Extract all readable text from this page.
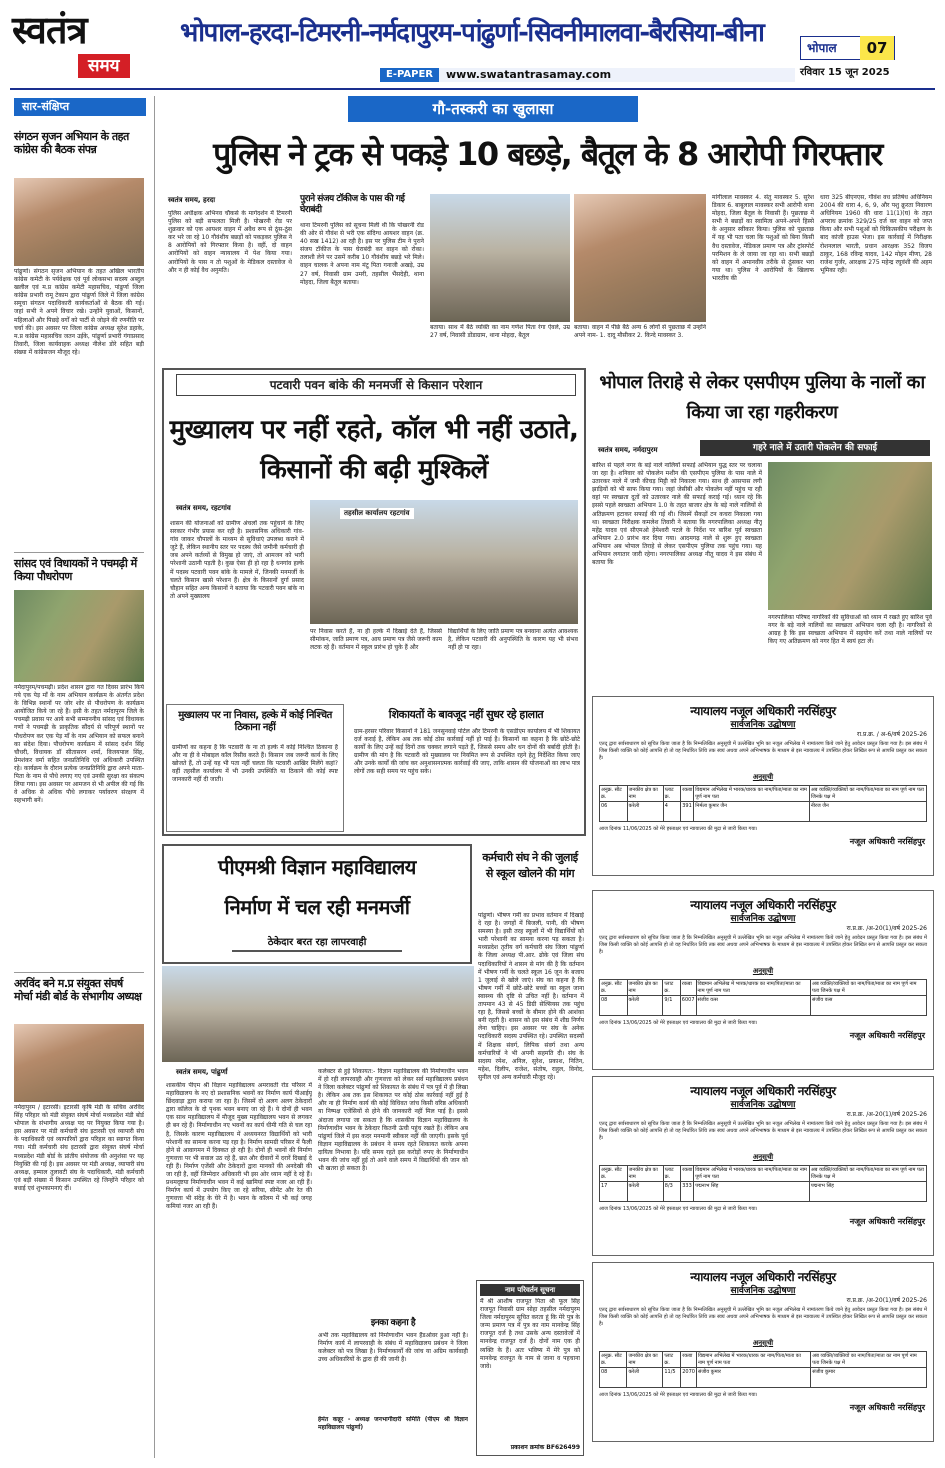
स्वतंत्र
समय
भोपाल-हरदा-टिमरनी-नर्मदापुरम-पांढुर्णा-सिवनीमालवा-बैरसिया-बीना
E-PAPER	www.swatantrasamay.com
भोपाल	07
रविवार 15 जून 2025
सार-संक्षिप्त
संगठन सृजन अभियान के तहत कांग्रेस की बैठक संपन्न
पांढुर्णा। संगठन सृजन अभियान के तहत अखिल भारतीय कांग्रेस कमेटी के पर्यवेक्षक एवं पूर्व लोकसभा सदस्य अब्दुल खलील एवं म.प्र कांग्रेस कमेटी महासचिव, पांढुर्णा जिला कांग्रेस प्रभारी रामू टेकाम द्वारा पांढुर्णा जिले में जिला कांग्रेस समूचा संगठन पदाधिकारी कार्यकर्ताओं से बैठक की गई। जहां सभी ने अपने विचार रखे। उन्होंने युवाओं, किसानों, महिलाओं और पिछड़े वर्गों को पार्टी से जोड़ने की रणनीति पर चर्चा की। इस अवसर पर जिला कांग्रेस अध्यक्ष सुरेश डहाके, म.प्र कांग्रेस महासचिव जतन उईके, पांढुर्णा प्रभारी गंगाप्रसाद तिवारी, जिला कार्यवाहक अध्यक्ष नीलेश डोरे सहित बड़ी संख्या में कांग्रेसजन मौजूद रहे।
सांसद एवं विधायकों ने पचमढ़ी में किया पौधरोपण
नर्मदापुरम/पचमढ़ी। प्रदेश शासन द्वारा गत दिवस प्रारंभ किये गये एक पेड़ माँ के नाम अभियान कार्यक्रम के अंतर्गत प्रदेश के विभिन्न स्थानों पर जोर शोर से पौधरोपण के कार्यक्रम आयोजित किये जा रहे हैं। इसी के तहत नर्मदापुरम जिले के पचमढ़ी प्रवास पर आये सभी सम्माननीय सांसद एवं विधायक गणों ने पचमढ़ी के प्राकृतिक सौंदर्य से परिपूर्ण स्थानों पर पौधरोपण कर एक पेड़ माँ के नाम अभियान को सफल बनाने का संदेश दिया। पौधरोपण कार्यक्रम में सांसद दर्शन सिंह चौधरी, विधायक डॉ सीतासरन शर्मा, विजयपाल सिंह, प्रेमशंकर वर्मा सहित जनप्रतिनिधि एवं अधिकारी उपस्थित रहे। कार्यक्रम के दौरान प्रत्येक जनप्रतिनिधि द्वारा अपने माता-पिता के नाम से पौधे लगाए गए एवं उनकी सुरक्षा का संकल्प लिया गया। इस अवसर पर आमजन से भी अपील की गई कि वे अधिक से अधिक पौधे लगाकर पर्यावरण संरक्षण में सहभागी बनें।
अरविंद बने म.प्र संयुक्त संघर्ष मोर्चा मंडी बोर्ड के संभागीय अध्यक्ष
नर्मदापुरम / इटारसी। इटारसी कृषि मंडी के सचिव अरविंद सिंह परिहार को मंडी संयुक्त संघर्ष मोर्चा मध्यप्रदेश मंडी बोर्ड भोपाल के संभागीय अध्यक्ष पद पर नियुक्त किया गया है। इस अवसर पर मंडी कर्मचारी संघ इटारसी एवं व्यापारी संघ के पदाधिकारी एवं व्यापारियों द्वारा परिहार का स्वागत किया गया। मंडी कर्मचारी संघ इटारसी द्वारा संयुक्त संघर्ष मोर्चा मध्यप्रदेश मंडी बोर्ड के प्रांतीय संयोजक की अनुशंसा पर यह नियुक्ति की गई है। इस अवसर पर मंडी अध्यक्ष, व्यापारी संघ अध्यक्ष, हम्माल तुलावटी संघ के पदाधिकारी, मंडी कर्मचारी एवं बड़ी संख्या में किसान उपस्थित रहे जिन्होंने परिहार को बधाई एवं शुभकामनाएं दीं।
गौ-तस्करी का खुलासा
पुलिस ने ट्रक से पकड़े 10 बछड़े, बैतूल के 8 आरोपी गिरफ्तार
स्वतंत्र समय, हरदा
पुलिस अधीक्षक अभिनव चौकसे के मार्गदर्शन में टिमरनी पुलिस को बड़ी सफलता मिली है। पोखरनी रोड पर शुक्रवार को एक आयशर वाहन में अवैध रूप से ठूंस-ठूंस कर भरे जा रहे 10 गौवंशीय बछड़ों को पकड़कर पुलिस ने 8 आरोपियों को गिरफ्तार किया है। वहीं, दो वाहन आरोपियों को वाहन न्यायालय में पेश किया गया। आरोपियों के पास न तो पशुओं के मेडिकल दस्तावेज थे और न ही कोई वैध अनुमति।
पुराने संजय टॉकीज के पास की गई घेराबंदी
थाना टिमरनी पुलिस को सूचना मिली थी कि पोखरनी रोड की ओर से गौवंश से भरी एक संदिग्ध आयशर वाहन (क्र. 40 सख 1412) आ रही है। इस पर पुलिस टीम ने पुराने संजय टॉकीज के पास घेराबंदी कर वाहन को रोका। तलाशी लेने पर उसमें करीब 10 गौवंशीय बछड़े भरे मिले। वाहन चालक ने अपना नाम मंटू पिता गनाजी अखड़े, उम्र 27 वर्ष, निवासी ग्राम उमरी, तहसील भैंसदेही, थाना मोहदा, जिला बैतूल बताया।
बताया। साथ में बैठे व्यक्ति का नाम गणेश पिता रंगा ऐवले, उम्र 27 वर्ष, निवासी डोंडाग्राम, थाना मोहदा, बैतूल
बताया। वाहन में पीछे बैठे अन्य 6 लोगों से पूछताछ में उन्होंने अपने नाम- 1. दादू मौसीकर 2. किन्दे मावस्कर 3.
मांगीलाल मावस्कर 4. संतु मावस्कर 5. सुरेश डिकार 6. बाबूलाल मावस्कर सभी आरोपी थाना मोहदा, जिला बैतूल के निवासी हैं। पूछताछ में सभी ने बछड़ों का स्वामित्व अपने-अपने हिस्से के अनुसार स्वीकार किया। पुलिस को पूछताछ में यह भी पता चला कि पशुओं को बिना किसी वैध दस्तावेज, मेडिकल प्रमाण पत्र और ट्रांसपोर्ट परमिशन के ले जाया जा रहा था। सभी बछड़ों को वाहन में अमानवीय तरीके से ठूंसकर भरा गया था। पुलिस ने आरोपियों के खिलाफ भारतीय की
धारा 325 बीएनएस, गौवंश वध प्रतिषेध अधिनियम 2004 की धारा 4, 6, 9, और पशु क्रूरता निवारण अधिनियम 1960 की धारा 11(1)(घ) के तहत अपराध क्रमांक 329/25 दर्ज कर वाहन को जप्त किया और सभी पशुओं को चिकित्सकीय परीक्षण के बाद कांजी हाउस भेजा। इस कार्रवाई में निरीक्षक रोशनलाल भारती, प्रधान आरक्षक 352 विजय ठाकुर, 168 रविन्द्र यादव, 142 मोहन मीणा, 28 राजेश गुर्जर, आरक्षक 275 महेन्द्र रघुवंशी की अहम भूमिका रही।
पटवारी पवन बांके की मनमर्जी से किसान परेशान
मुख्यालय पर नहीं रहते, कॉल भी नहीं उठाते, किसानों की बढ़ी मुश्किलें
स्वतंत्र समय, रहटगांव
शासन की योजनाओं को ग्रामीण अंचलों तक पहुंचाने के लिए सरकार गंभीर प्रयास कर रही है। प्रशासनिक अधिकारी गांव-गांव जाकर चौपालों के माध्यम से सुविधाएं उपलब्ध कराने में जुटे हैं, लेकिन स्थानीय स्तर पर पदस्थ जैसे जमीनी कर्मचारी ही जब अपने कर्तव्यों से विमुख हो जाएं, तो आमजन को भारी परेशानी उठानी पड़ती है। कुछ ऐसा ही हो रहा है धनगांव हल्के में पदस्थ पटवारी पवन बांके के मामले में, जिनकी मनमर्जी के चलते किसान खासे परेशान हैं। क्षेत्र के किसानों दुर्गा प्रसाद चौहान सहित अन्य किसानों ने बताया कि पटवारी पवन बांके ना तो अपने मुख्यालय
तहसील कार्यालय रहटगांव
पर निवास करते हैं, ना ही हल्के में दिखाई देते हैं, जिससे सीमांकन, जाति प्रमाण पत्र, आय प्रमाण पत्र जैसे जरूरी काम लटक रहे हैं। वर्तमान में स्कूल प्रारंभ हो चुके हैं और
विद्यार्थियों के लिए जाति प्रमाण पत्र बनवाना अत्यंत आवश्यक है, लेकिन पटवारी की अनुपस्थिति के कारण यह भी संभव नहीं हो पा रहा।
मुख्यालय पर ना निवास, हल्के में कोई निश्चित ठिकाना नहीं
ग्रामीणों का कहना है कि पटवारी के ना तो हल्के में कोई निश्चित ठिकाना है और ना ही वे मोबाइल कॉल रिसीव करते हैं। किसान जब जरूरी कार्य के लिए खोजते हैं, तो उन्हें यह भी पता नहीं चलता कि पटवारी आखिर मिलेंगे कहां? वहीं तहसील कार्यालय में भी उनकी उपस्थिति या ठिकाने की कोई स्पष्ट जानकारी नहीं दी जाती।
शिकायतों के बावजूद नहीं सुधर रहे हालात
ग्राम-हरसर परिवार किसानों ने 181 जनसुनवाई पोर्टल और टिमरनी के एसडीएम कार्यालय में भी शिकायत दर्ज कराई है, लेकिन अब तक कोई ठोस कार्रवाई नहीं हो पाई है। किसानों का कहना है कि छोटे-छोटे कार्यों के लिए उन्हें कई दिनों तक चक्कर लगाने पड़ते हैं, जिससे समय और धन दोनों की बर्बादी होती है। ग्रामीण की मांग है कि पटवारी को मुख्यालय पर नियमित रूप से उपस्थित रहने हेतु निर्देशित किया जाए और उनके कार्यों की जांच कर अनुशासनात्मक कार्रवाई की जाए, ताकि शासन की योजनाओं का लाभ पात्र लोगों तक सही समय पर पहुंच सके।
भोपाल तिराहे से लेकर एसपीएम पुलिया के नालों का किया जा रहा गहरीकरण
गहरे नाले में उतारी पोकलेन की सफाई
स्वतंत्र समय, नर्मदापुरम
बारिश से पहले नगर के बड़े नाले नालियों सफाई अभियान युद्ध स्तर पर चलाया जा रहा है। शनिवार को पोकलेन मशीन की एसपीएम पुलिया के पास नाले में उतारकर नाले में जमी कीचड़ मिट्टी को निकाला गया। साथ ही आसपास लगी झाड़ियों को भी साफ किया गया। जहां जेसीबी और पोकलेन नहीं पहुंच पा रही वहां पर स्वच्छता दूतों को उतारकर नाले की सफाई कराई गई। ध्यान रहे कि इससे पहले स्वच्छता अभियान 1.0 के तहत बाजार क्षेत्र के बड़े नाले नालियों से अतिक्रमण हटाकर सफाई की गई थी। जिसमें सैकड़ों टन कचरा निकाला गया था। स्वच्छता निरीक्षक कमलेश तिवारी ने बताया कि नगरपालिका अध्यक्ष नीतू महेंद्र यादव एवं सीएमओ हेमेश्वरी पटले के निर्देश पर बारिश पूर्व स्वच्छता अभियान 2.0 प्रारंभ कर दिया गया। आदमगढ़ नाले से शुरू हुए स्वच्छता अभियान अब भोपाल तिराहे से लेकर एसपीएम पुलिया तक पहुंच गया। यह अभियान लगातार जारी रहेगा। नगरपालिका अध्यक्ष नीतू यादव ने इस संबंध में बताया कि
नगरपालिका परिषद नागरिकों की सुविधाओं को ध्यान में रखते हुए बारिश पूर्व नगर के बड़े नाले नालियों का स्वच्छता अभियान चला रही है। नागरिकों से आग्रह है कि इस स्वच्छता अभियान में सहयोग करें तथा नाले नालियों पर किए गए अतिक्रमण को नगर हित में स्वयं हटा लें।
पीएमश्री विज्ञान महाविद्यालय
निर्माण में चल रही मनमर्जी
ठेकेदार बरत रहा लापरवाही
स्वतंत्र समय, पांढुर्णा
शासकीय पीएम श्री विज्ञान महाविद्यालय अमरावती रोड परिसर में महाविद्यालय के नए दो प्रशासनिक भवनों का निर्माण कार्य पीआईयू छिंदवाड़ा द्वारा कराया जा रहा है। जिसमें दो अलग अलग ठेकेदारों द्वारा कॉलेज के दो पृथक भवन बनाए जा रहे हैं। ये दोनों ही भवन एक साथ महाविद्यालय में मौजूद मुख्य महाविद्यालय भवन से लगकर ही बन रहे हैं। निर्माणाधीन नए भवनों का कार्य धीमी गति से चल रहा है, जिसके कारण महाविद्यालय में अध्ययनरत विद्यार्थियों को भारी परेशानी का सामना करना पड़ रहा है। निर्माण सामग्री परिसर में फैली होने से आवागमन में दिक्कत हो रही है। दोनों ही भवनों की निर्माण गुणवत्ता पर भी सवाल उठ रहे हैं, छत और दीवारों में दरारें दिखाई दे रही हैं। निर्माण एजेंसी और ठेकेदारों द्वारा मानकों की अनदेखी की जा रही है, वहीं जिम्मेदार अधिकारी भी इस ओर ध्यान नहीं दे रहे हैं। प्रथमदृष्टया निर्माणाधीन भवन में कई खामियां स्पष्ट नजर आ रही हैं। निर्माण कार्य में उपयोग किए जा रहे सरिया, सीमेंट और रेत की गुणवत्ता भी संदेह के घेरे में है। भवन के कॉलम में भी कई जगह कमियां नजर आ रही हैं।
कलेक्टर से हुई शिकायत:- विज्ञान महाविद्यालय की निर्माणाधीन भवन में हो रही लापरवाही और गुणवत्ता को लेकर सर्व महाविद्यालय प्रबंधन ने जिला कलेक्टर पांढुर्णा को शिकायत के संबंध में पत्र पूर्व में ही लिखा है। लेकिन अब तक इस शिकायत पर कोई ठोस कार्रवाई नहीं हुई है और ना ही निर्माण कार्य की कोई विधिवत जांच किसी वरिष्ठ अधिकारी या निष्पक्ष एजेंसियों से होने की जानकारी नहीं मिल पाई है। इससे अंदाजा लगाया जा सकता है कि शासकीय विज्ञान महाविद्यालय के निर्माणाधीन भवन के ठेकेदार कितनी ऊंची पहुंच रखते हैं। लेकिन अब पांढुर्णा जिले में इस कदर मनमानी स्वीकार नहीं की जाएगी। इसके पूर्व विज्ञान महाविद्यालय के प्रबंधन ने समय रहते शिकायत करके अपना दायित्व निभाया है। यदि समय रहते इस करोड़ों रुपए के निर्माणाधीन भवन की जांच नहीं हुई तो आने वाले समय में विद्यार्थियों की जान को भी खतरा हो सकता है।
इनका कहना है
अभी तक महाविद्यालय को निर्माणाधीन भवन हैंडओवर हुआ नहीं है। निर्माण कार्य में लापरवाही के संबंध में महाविद्यालय प्रबंधन ने जिला कलेक्टर को पत्र लिखा है। निर्माणकार्यों की जांच या अग्रिम कार्यवाही उच्च अधिकारियों के द्वारा ही की जानी है।
हेमंत कन्नूर - अध्यक्ष जनभागीदारी समिति (पीएम श्री विज्ञान महाविद्यालय पांढुर्णा)
कर्मचारी संघ ने की जुलाई से स्कूल खोलने की मांग
पांढुर्णा। भीषण गर्मी का प्रभाव वर्तमान में दिखाई दे रहा है। जगहों में बिजली, पानी, की भीषण समस्या है। इसी तरह स्कूलों में भी विद्यार्थियों को भारी परेशानी का सामना करना पड़ सकता है। मध्यप्रदेश तृतीय वर्ग कर्मचारी संघ जिला पांढुर्णा के जिला अध्यक्ष पी.आर. ढोके एवं जिला संघ पदाधिकारियों ने शासन से मांग की है कि वर्तमान में भीषण गर्मी के चलते स्कूल 16 जून के बजाय 1 जुलाई से खोले जाएं। संघ का कहना है कि भीषण गर्मी में छोटे-छोटे बच्चों का स्कूल जाना स्वास्थ्य की दृष्टि से उचित नहीं है। वर्तमान में तापमान 43 से 45 डिग्री सेल्सियस तक पहुंच रहा है, जिससे बच्चों के बीमार होने की आशंका बनी रहती है। शासन को इस संबंध में शीघ्र निर्णय लेना चाहिए। इस अवसर पर संघ के अनेक पदाधिकारी सदस्य उपस्थित रहे। उपस्थित सदस्यों में शिक्षक संवर्ग, लिपिक संवर्ग तथा अन्य कर्मचारियों ने भी अपनी सहमति दी। संघ के सदस्य रमेश, अनिल, सुरेश, प्रकाश, नितिन, महेश, दिलीप, राजेश, संतोष, राहुल, विनोद, सुनील एवं अन्य कर्मचारी मौजूद रहे।
नाम परिवर्तन सूचना
मैं श्री आशीष राजपूत पिता श्री फूल सिंह राजपूत निवासी ग्राम सोहा तहसील नर्मदापुरम जिला नर्मदापुरम सूचित करता हूं कि मेरे पुत्र के जन्म प्रमाण पत्र में पुत्र का नाम मानवेन्द्र सिंह राजपूत दर्ज है तथा उसके अन्य दस्तावेजों में मानवेन्द्र राजपूत दर्ज है। दोनों नाम एक ही व्यक्ति के हैं। अतः भविष्य में मेरे पुत्र को मानवेन्द्र राजपूत के नाम से जाना व पहचाना जावे।
प्रकाशन क्रमांक BF626499
न्यायालय नजूल अधिकारी नरसिंहपुर
सार्वजनिक उद्घोषणा
रा.प्र.क्र. / अ-6/वर्ष 2025-26
एतद् द्वारा सर्वसाधारण को सूचित किया जाता है कि निम्नलिखित अनुसूची में उल्लेखित भूमि का नजूल अभिलेख में नामांतरण किये जाने हेतु आवेदन प्रस्तुत किया गया है। इस संबंध में जिस किसी व्यक्ति को कोई आपत्ति हो तो वह निर्धारित तिथि तक स्वयं अथवा अपने अभिभाषक के माध्यम से इस न्यायालय में उपस्थित होकर लिखित रूप से आपत्ति प्रस्तुत कर सकता है।
अनुसूची
अनुक्र. सीट क्र.	जनकीय क्षेत्र का नाम	प्लाट क्र.	रकबा	विद्यमान अभिलेख में भारक/धारक का नाम/पिता/माता का नाम पूर्ण नाम पता	अब व्यक्ति/व्यक्तियों का नाम/पिता/माता का नाम पूर्ण नाम पता जिनके पक्ष में
06	करेली	4	391	निर्मला कुमार जैन	नीरज जैन
आज दिनांक 11/06/2025 को मेरे हस्ताक्षर एवं न्यायालय की मुद्रा से जारी किया गया।
नजूल अधिकारी नरसिंहपुर
न्यायालय नजूल अधिकारी नरसिंहपुर
सार्वजनिक उद्घोषणा
रा.प्र.क्र. /अ-20(1)/वर्ष 2025-26
एतद् द्वारा सर्वसाधारण को सूचित किया जाता है कि निम्नलिखित अनुसूची में उल्लेखित भूमि का नजूल अभिलेख में नामांतरण किये जाने हेतु आवेदन प्रस्तुत किया गया है। इस संबंध में जिस किसी व्यक्ति को कोई आपत्ति हो तो वह निर्धारित तिथि तक स्वयं अथवा अपने अभिभाषक के माध्यम से इस न्यायालय में उपस्थित होकर लिखित रूप से आपत्ति प्रस्तुत कर सकता है।
अनुसूची
अनुक्र. सीट क्र.	जनकीय क्षेत्र का नाम	प्लाट क्र.	रकबा	विद्यमान अभिलेख में भारक/धारक का नाम/पिता/माता का नाम पूर्ण नाम पता	अब व्यक्ति/व्यक्तियों का नाम/पिता/माता का नाम पूर्ण नाम पता जिनके पक्ष में
08	करेली	9/1	6007	संजीव वत्स	संजीव वत्स
आज दिनांक 13/06/2025 को मेरे हस्ताक्षर एवं न्यायालय की मुद्रा से जारी किया गया।
नजूल अधिकारी नरसिंहपुर
न्यायालय नजूल अधिकारी नरसिंहपुर
सार्वजनिक उद्घोषणा
रा.प्र.क्र. /अ-20(1)/वर्ष 2025-26
एतद् द्वारा सर्वसाधारण को सूचित किया जाता है कि निम्नलिखित अनुसूची में उल्लेखित भूमि का नजूल अभिलेख में नामांतरण किये जाने हेतु आवेदन प्रस्तुत किया गया है। इस संबंध में जिस किसी व्यक्ति को कोई आपत्ति हो तो वह निर्धारित तिथि तक स्वयं अथवा अपने अभिभाषक के माध्यम से इस न्यायालय में उपस्थित होकर लिखित रूप से आपत्ति प्रस्तुत कर सकता है।
अनुसूची
अनुक्र. सीट क्र.	जनकीय क्षेत्र का नाम	प्लाट क्र.	रकबा	विद्यमान अभिलेख में भारक/धारक का नाम/पिता/माता का नाम पूर्ण नाम पता	अब व्यक्ति/व्यक्तियों का नाम/पिता/माता का नाम पूर्ण नाम पता जिनके पक्ष में
17	करेली	8/3	333	पद्मनाभ सिंह	पद्मनाभ सिंह
आज दिनांक 13/06/2025 को मेरे हस्ताक्षर एवं न्यायालय की मुद्रा से जारी किया गया।
नजूल अधिकारी नरसिंहपुर
न्यायालय नजूल अधिकारी नरसिंहपुर
सार्वजनिक उद्घोषणा
रा.प्र.क्र. /अ-20(1)/वर्ष 2025-26
एतद् द्वारा सर्वसाधारण को सूचित किया जाता है कि निम्नलिखित अनुसूची में उल्लेखित भूमि का नजूल अभिलेख में नामांतरण किये जाने हेतु आवेदन प्रस्तुत किया गया है। इस संबंध में जिस किसी व्यक्ति को कोई आपत्ति हो तो वह निर्धारित तिथि तक स्वयं अथवा अपने अभिभाषक के माध्यम से इस न्यायालय में उपस्थित होकर लिखित रूप से आपत्ति प्रस्तुत कर सकता है।
अनुसूची
अनुक्र. सीट क्र.	जनकीय क्षेत्र का नाम	प्लाट क्र.	रकबा	विद्यमान अभिलेख में भारक/धारक का नाम/पिता/माता का नाम पूर्ण नाम पता	अब व्यक्ति/व्यक्तियों का नाम/पिता/माता का नाम पूर्ण नाम पता जिनके पक्ष में
08	करेली	11/5	2070	संजीव कुमार	संजीव कुमार
आज दिनांक 13/06/2025 को मेरे हस्ताक्षर एवं न्यायालय की मुद्रा से जारी किया गया।
नजूल अधिकारी नरसिंहपुर
